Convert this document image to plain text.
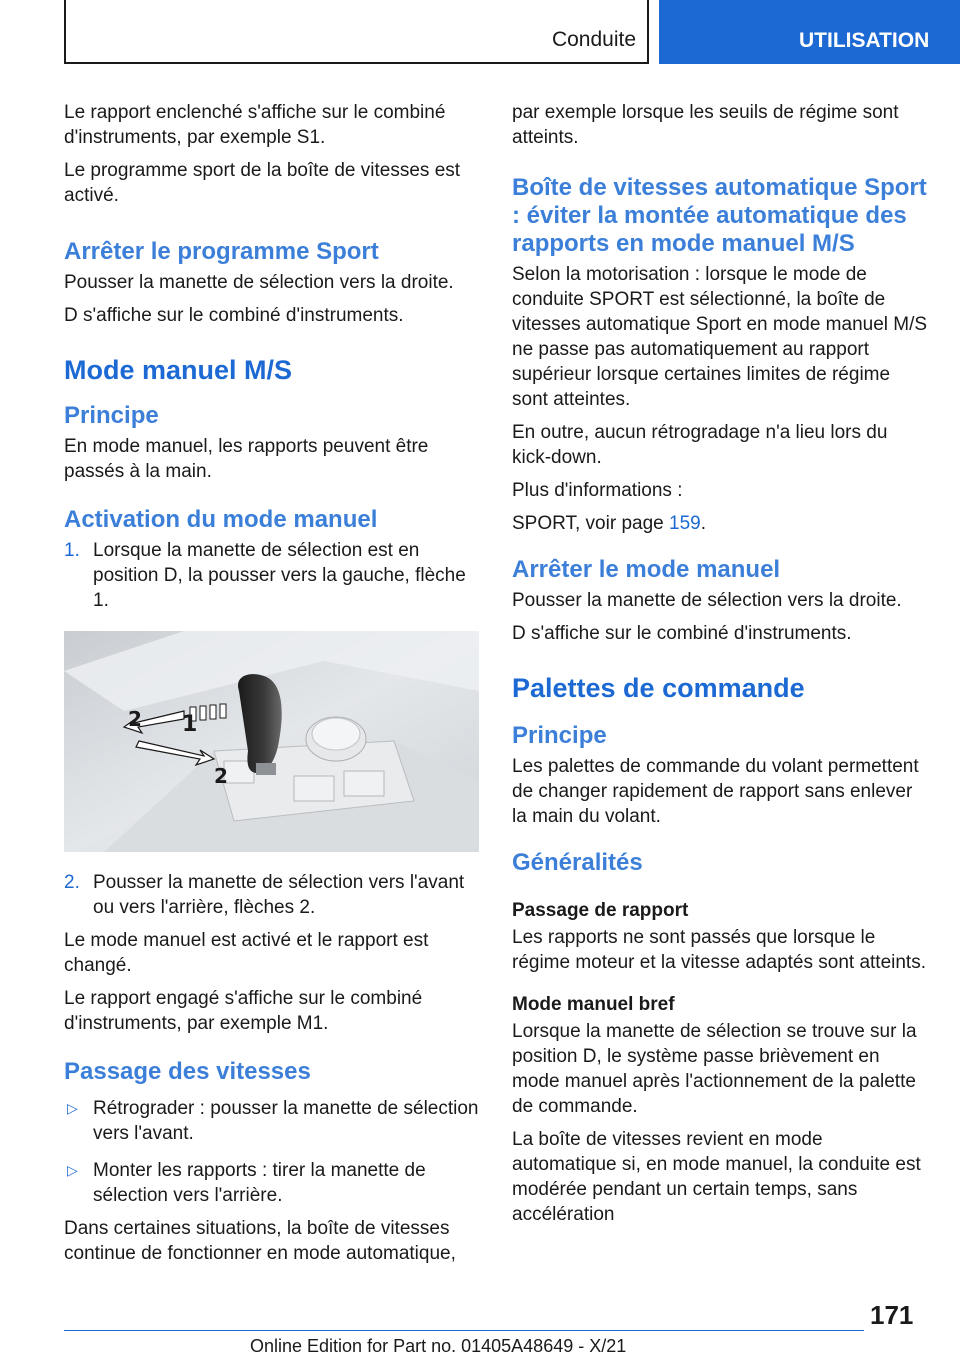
Conduite	UTILISATION

Le rapport enclenché s'affiche sur le combiné d'instruments, par exemple S1.

Le programme sport de la boîte de vitesses est activé.

Arrêter le programme Sport

Pousser la manette de sélection vers la droite.

D s'affiche sur le combiné d'instruments.

Mode manuel M/S
Principe

En mode manuel, les rapports peuvent être passés à la main.

Activation du mode manuel
1. Lorsque la manette de sélection est en position D, la pousser vers la gauche, flèche 1.
2 1
2
2. Pousser la manette de sélection vers l'avant ou vers l'arrière, flèches 2.

Le mode manuel est activé et le rapport est changé.

Le rapport engagé s'affiche sur le combiné d'instruments, par exemple M1.

Passage des vitesses
▷ Rétrograder : pousser la manette de sélection vers l'avant.
▷ Monter les rapports : tirer la manette de sélection vers l'arrière.

Dans certaines situations, la boîte de vitesses continue de fonctionner en mode automatique,

par exemple lorsque les seuils de régime sont atteints.

Boîte de vitesses automatique Sport : éviter la montée automatique des rapports en mode manuel M/S

Selon la motorisation : lorsque le mode de conduite SPORT est sélectionné, la boîte de vitesses automatique Sport en mode manuel M/S ne passe pas automatiquement au rapport supérieur lorsque certaines limites de régime sont atteintes.

En outre, aucun rétrogradage n'a lieu lors du kick-down.

Plus d'informations :

SPORT, voir page 159.

Arrêter le mode manuel

Pousser la manette de sélection vers la droite.

D s'affiche sur le combiné d'instruments.

Palettes de commande
Principe

Les palettes de commande du volant permettent de changer rapidement de rapport sans enlever la main du volant.

Généralités
Passage de rapport

Les rapports ne sont passés que lorsque le régime moteur et la vitesse adaptés sont atteints.

Mode manuel bref

Lorsque la manette de sélection se trouve sur la position D, le système passe brièvement en mode manuel après l'actionnement de la palette de commande.

La boîte de vitesses revient en mode automatique si, en mode manuel, la conduite est modérée pendant un certain temps, sans accélération

171
Online Edition for Part no. 01405A48649 - X/21
